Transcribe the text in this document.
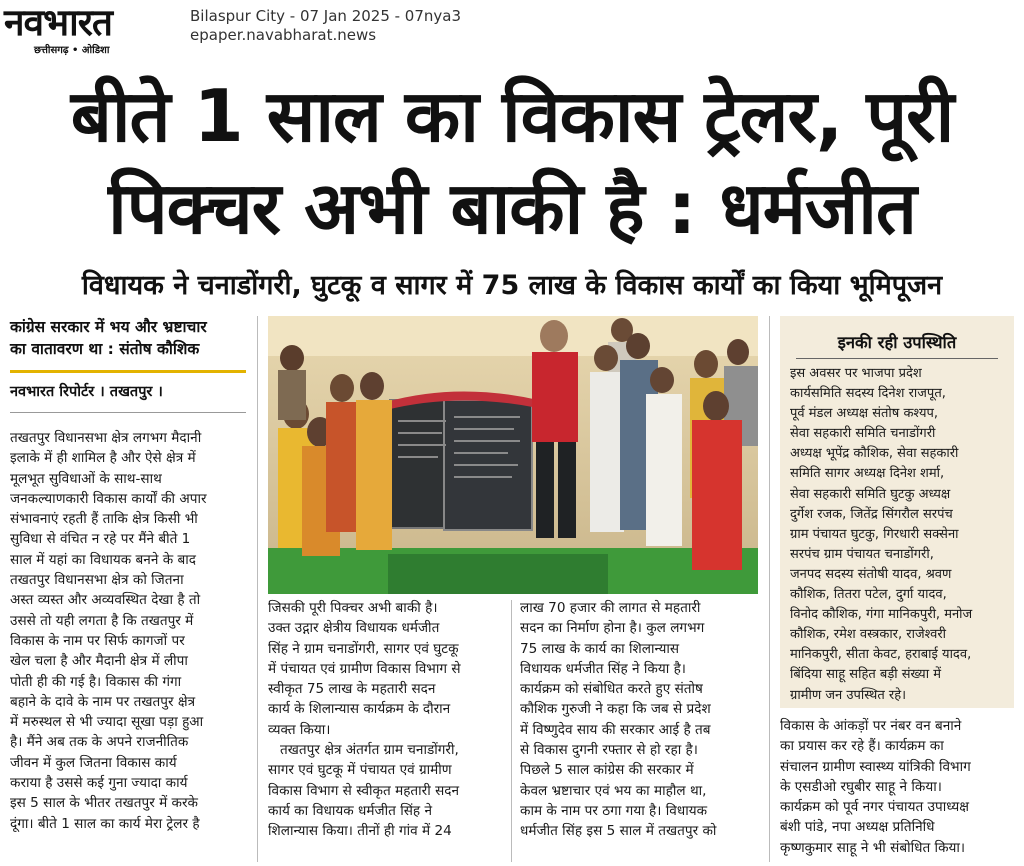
नवभारत
छत्तीसगढ़ • ओडिशा
Bilaspur City - 07 Jan 2025 - 07nya3
epaper.navabharat.news
बीते 1 साल का विकास ट्रेलर, पूरी
पिक्चर अभी बाकी है : धर्मजीत
विधायक ने चनाडोंगरी, घुटकू व सागर में 75 लाख के विकास कार्यों का किया भूमिपूजन
कांग्रेस सरकार में भय और भ्रष्टाचार
का वातावरण था : संतोष कौशिक
नवभारत रिपोर्टर । तखतपुर ।
तखतपुर विधानसभा क्षेत्र लगभग मैदानी
इलाके में ही शामिल है और ऐसे क्षेत्र में
मूलभूत सुविधाओं के साथ-साथ
जनकल्याणकारी विकास कार्यों की अपार
संभावनाएं रहती हैं ताकि क्षेत्र किसी भी
सुविधा से वंचित न रहे पर मैंने बीते 1
साल में यहां का विधायक बनने के बाद
तखतपुर विधानसभा क्षेत्र को जितना
अस्त व्यस्त और अव्यवस्थित देखा है तो
उससे तो यही लगता है कि तखतपुर में
विकास के नाम पर सिर्फ कागजों पर
खेल चला है और मैदानी क्षेत्र में लीपा
पोती ही की गई है। विकास की गंगा
बहाने के दावे के नाम पर तखतपुर क्षेत्र
में मरुस्थल से भी ज्यादा सूखा पड़ा हुआ
है। मैंने अब तक के अपने राजनीतिक
जीवन में कुल जितना विकास कार्य
कराया है उससे कई गुना ज्यादा कार्य
इस 5 साल के भीतर तखतपुर में करके
दूंगा। बीते 1 साल का कार्य मेरा ट्रेलर है
जिसकी पूरी पिक्चर अभी बाकी है।
उक्त उद्गार क्षेत्रीय विधायक धर्मजीत
सिंह ने ग्राम चनाडोंगरी, सागर एवं घुटकू
में पंचायत एवं ग्रामीण विकास विभाग से
स्वीकृत 75 लाख के महतारी सदन
कार्य के शिलान्यास कार्यक्रम के दौरान
व्यक्त किया।
तखतपुर क्षेत्र अंतर्गत ग्राम चनाडोंगरी,
सागर एवं घुटकू में पंचायत एवं ग्रामीण
विकास विभाग से स्वीकृत महतारी सदन
कार्य का विधायक धर्मजीत सिंह ने
शिलान्यास किया। तीनों ही गांव में 24
लाख 70 हजार की लागत से महतारी
सदन का निर्माण होना है। कुल लगभग
75 लाख के कार्य का शिलान्यास
विधायक धर्मजीत सिंह ने किया है।
कार्यक्रम को संबोधित करते हुए संतोष
कौशिक गुरुजी ने कहा कि जब से प्रदेश
में विष्णुदेव साय की सरकार आई है तब
से विकास दुगनी रफ्तार से हो रहा है।
पिछले 5 साल कांग्रेस की सरकार में
केवल भ्रष्टाचार एवं भय का माहौल था,
काम के नाम पर ठगा गया है। विधायक
धर्मजीत सिंह इस 5 साल में तखतपुर को
इनकी रही उपस्थिति
इस अवसर पर भाजपा प्रदेश
कार्यसमिति सदस्य दिनेश राजपूत,
पूर्व मंडल अध्यक्ष संतोष कश्यप,
सेवा सहकारी समिति चनाडोंगरी
अध्यक्ष भूपेंद्र कौशिक, सेवा सहकारी
समिति सागर अध्यक्ष दिनेश शर्मा,
सेवा सहकारी समिति घुटकु अध्यक्ष
दुर्गेश रजक, जितेंद्र सिंगरौल सरपंच
ग्राम पंचायत घुटकु, गिरधारी सक्सेना
सरपंच ग्राम पंचायत चनाडोंगरी,
जनपद सदस्य संतोषी यादव, श्रवण
कौशिक, तितरा पटेल, दुर्गा यादव,
विनोद कौशिक, गंगा मानिकपुरी, मनोज
कौशिक, रमेश वस्त्रकार, राजेश्वरी
मानिकपुरी, सीता केवट, हराबाई यादव,
बिंदिया साहू सहित बड़ी संख्या में
ग्रामीण जन उपस्थित रहे।
विकास के आंकड़ों पर नंबर वन बनाने
का प्रयास कर रहे हैं। कार्यक्रम का
संचालन ग्रामीण स्वास्थ्य यांत्रिकी विभाग
के एसडीओ रघुबीर साहू ने किया।
कार्यक्रम को पूर्व नगर पंचायत उपाध्यक्ष
बंशी पांडे, नपा अध्यक्ष प्रतिनिधि
कृष्णकुमार साहू ने भी संबोधित किया।
